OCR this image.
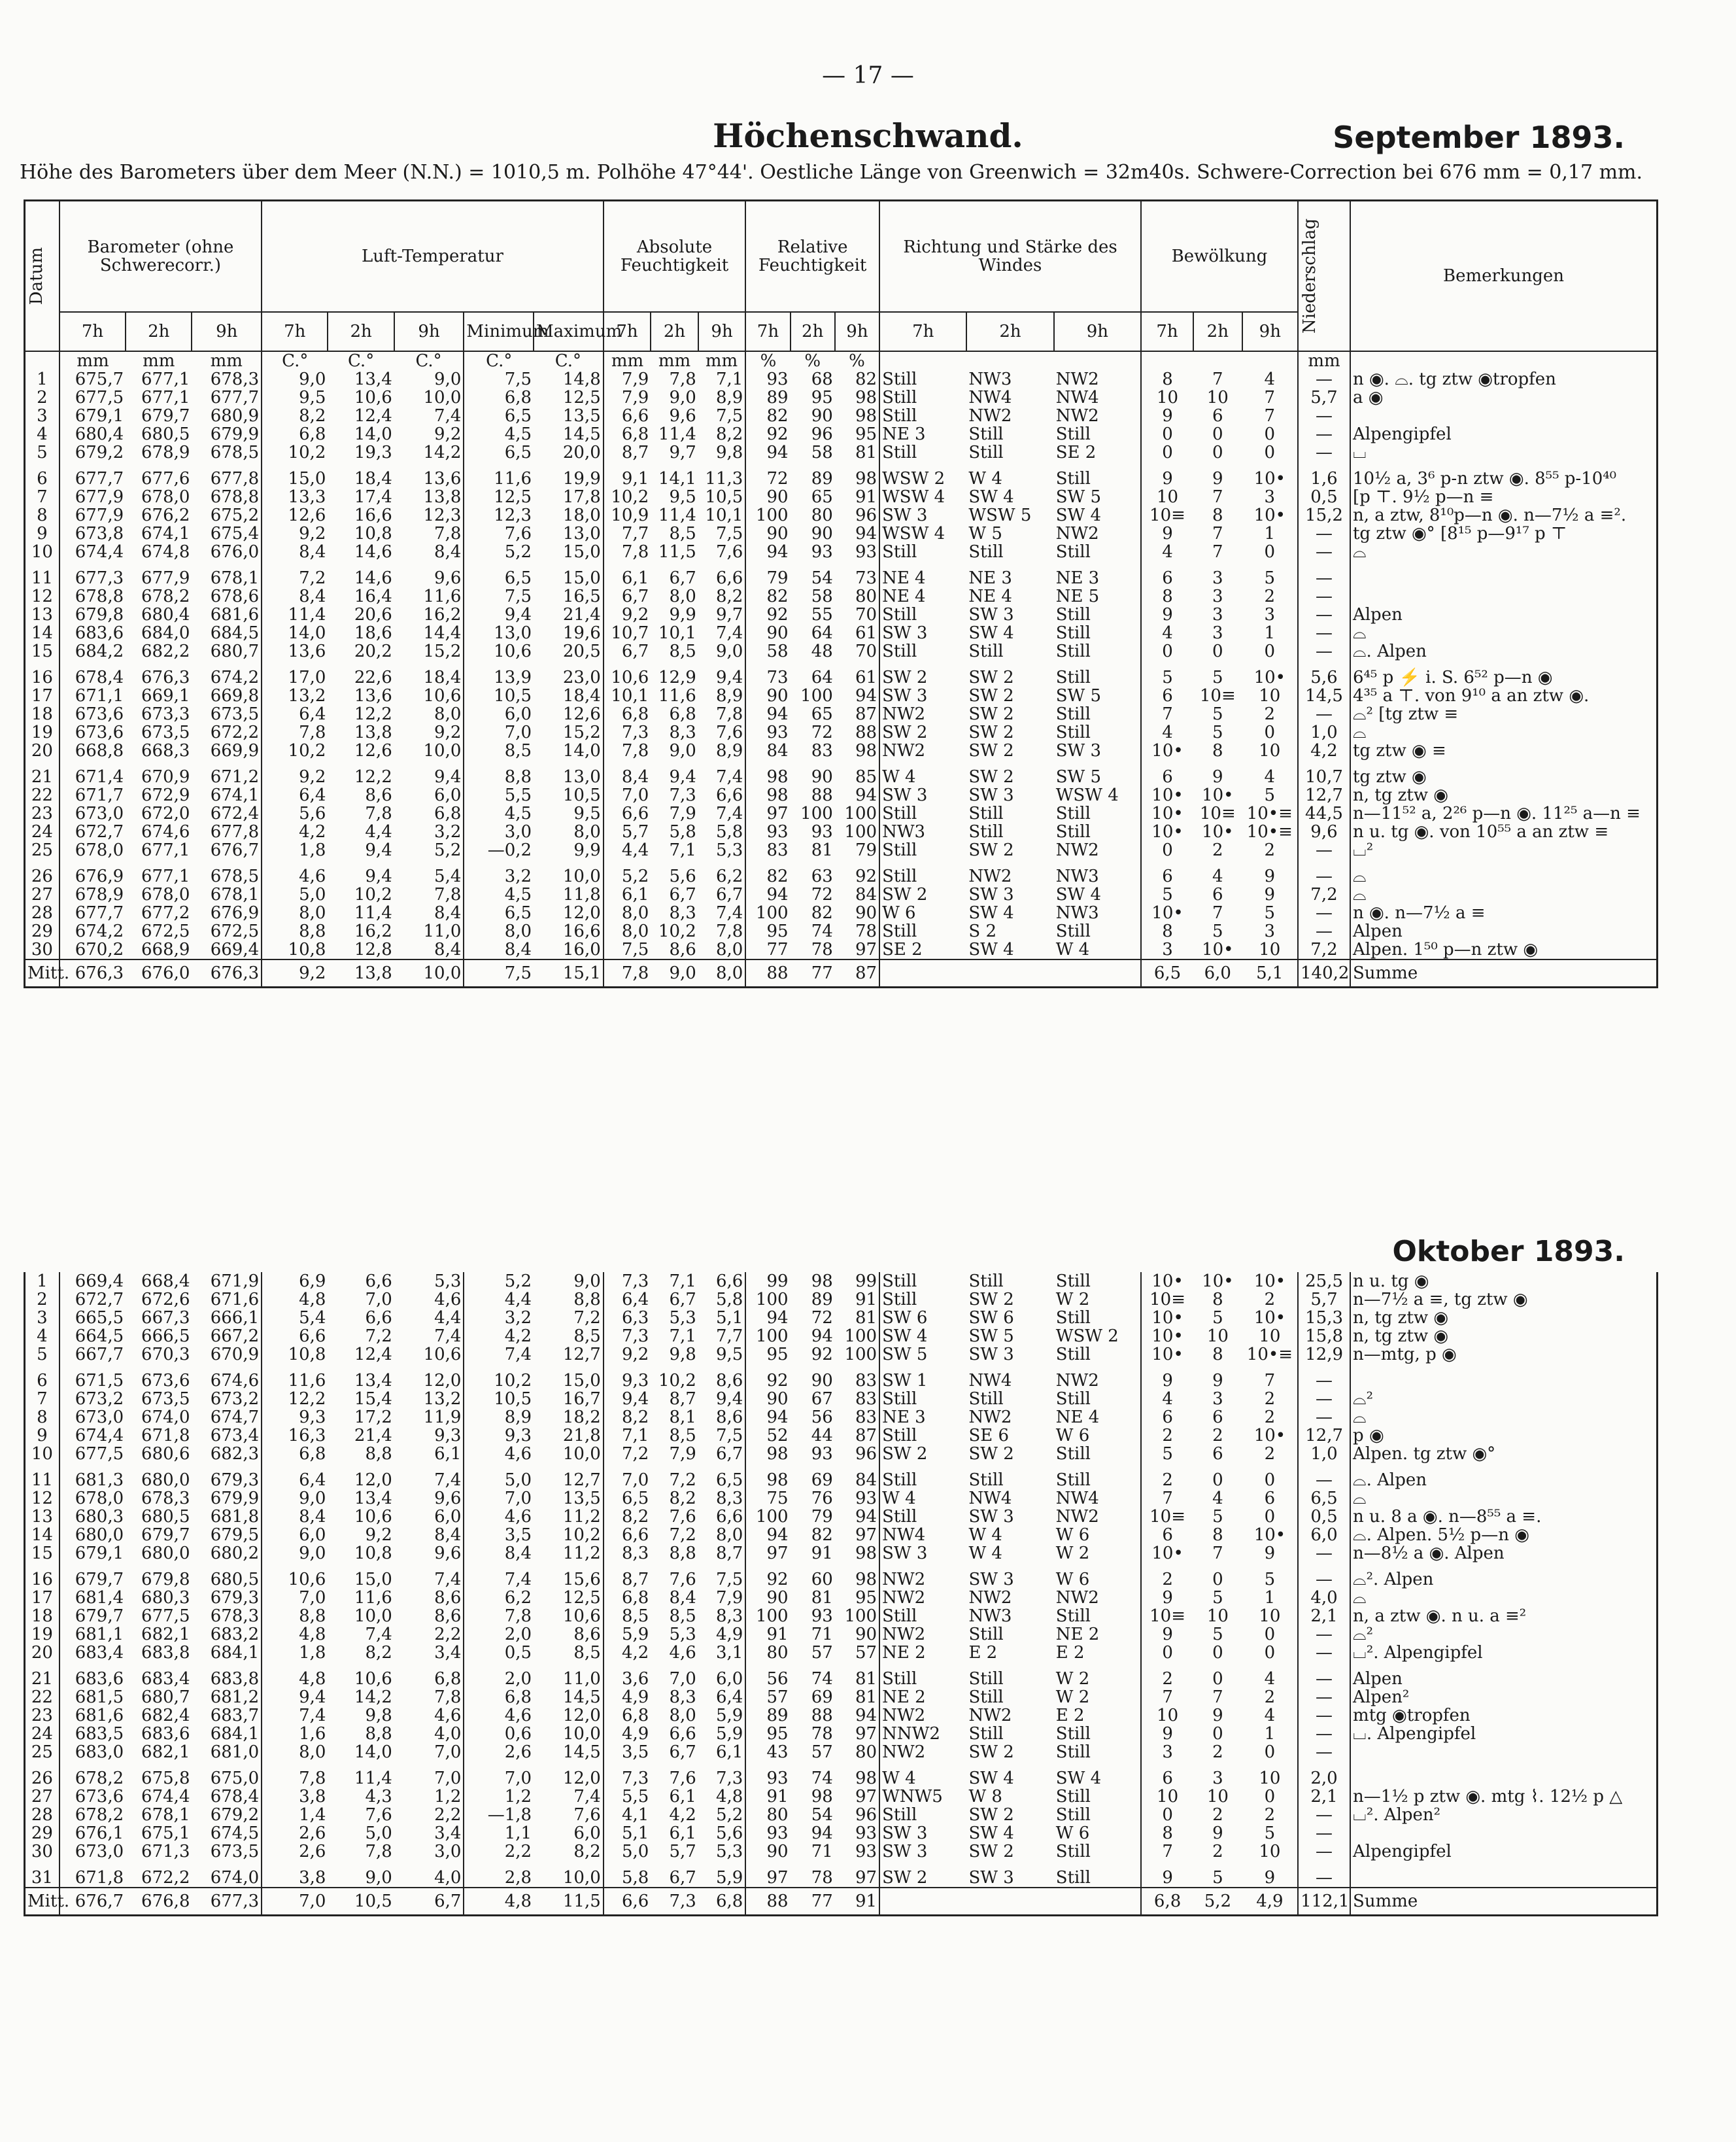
— 17 —
Höchenschwand.	September 1893.
Höhe des Barometers über dem Meer (N.N.) = 1010,5 m. Polhöhe 47°44'. Oestliche Länge von Greenwich = 32m40s. Schwere-Correction bei 676 mm = 0,17 mm.
Datum	Barometer (ohne Schwerecorr.)			Luft-Temperatur					Absolute Feuchtigkeit			Relative Feuchtigkeit			Richtung und Stärke des Windes			Bewölkung			Niederschlag	Bemerkungen
	7h	2h	9h	7h	2h	9h	Minimum	Maximum	7h	2h	9h	7h	2h	9h	7h	2h	9h	7h	2h	9h		
	mm	mm	mm	C.°	C.°	C.°	C.°	C.°	mm	mm	mm	%	%	%							mm	
1	675,7	677,1	678,3	9,0	13,4	9,0	7,5	14,8	7,9	7,8	7,1	93	68	82	Still	NW3	NW2	8	7	4	—	n ◉. ⌓. tg ztw ◉tropfen
2	677,5	677,1	677,7	9,5	10,6	10,0	6,8	12,5	7,9	9,0	8,9	89	95	98	Still	NW4	NW4	10	10	7	5,7	a ◉
3	679,1	679,7	680,9	8,2	12,4	7,4	6,5	13,5	6,6	9,6	7,5	82	90	98	Still	NW2	NW2	9	6	7	—	
4	680,4	680,5	679,9	6,8	14,0	9,2	4,5	14,5	6,8	11,4	8,2	92	96	95	NE 3	Still	Still	0	0	0	—	Alpengipfel
5	679,2	678,9	678,5	10,2	19,3	14,2	6,5	20,0	8,7	9,7	9,8	94	58	81	Still	Still	SE 2	0	0	0	—	⌴

6	677,7	677,6	677,8	15,0	18,4	13,6	11,6	19,9	9,1	14,1	11,3	72	89	98	WSW 2	W 4	Still	9	9	10•	1,6	10½ a, 3⁶ p-n ztw ◉. 8⁵⁵ p-10⁴⁰
7	677,9	678,0	678,8	13,3	17,4	13,8	12,5	17,8	10,2	9,5	10,5	90	65	91	WSW 4	SW 4	SW 5	10	7	3	0,5	[p ⊤. 9½ p—n ≡
8	677,9	676,2	675,2	12,6	16,6	12,3	12,3	18,0	10,9	11,4	10,1	100	80	96	SW 3	WSW 5	SW 4	10≡	8	10•	15,2	n, a ztw, 8¹⁰p—n ◉. n—7½ a ≡².
9	673,8	674,1	675,4	9,2	10,8	7,8	7,6	13,0	7,7	8,5	7,5	90	90	94	WSW 4	W 5	NW2	9	7	1	—	tg ztw ◉° [8¹⁵ p—9¹⁷ p ⊤
10	674,4	674,8	676,0	8,4	14,6	8,4	5,2	15,0	7,8	11,5	7,6	94	93	93	Still	Still	Still	4	7	0	—	⌓

11	677,3	677,9	678,1	7,2	14,6	9,6	6,5	15,0	6,1	6,7	6,6	79	54	73	NE 4	NE 3	NE 3	6	3	5	—	
12	678,8	678,2	678,6	8,4	16,4	11,6	7,5	16,5	6,7	8,0	8,2	82	58	80	NE 4	NE 4	NE 5	8	3	2	—	
13	679,8	680,4	681,6	11,4	20,6	16,2	9,4	21,4	9,2	9,9	9,7	92	55	70	Still	SW 3	Still	9	3	3	—	Alpen
14	683,6	684,0	684,5	14,0	18,6	14,4	13,0	19,6	10,7	10,1	7,4	90	64	61	SW 3	SW 4	Still	4	3	1	—	⌓
15	684,2	682,2	680,7	13,6	20,2	15,2	10,6	20,5	6,7	8,5	9,0	58	48	70	Still	Still	Still	0	0	0	—	⌓. Alpen

16	678,4	676,3	674,2	17,0	22,6	18,4	13,9	23,0	10,6	12,9	9,4	73	64	61	SW 2	SW 2	Still	5	5	10•	5,6	6⁴⁵ p ⚡ i. S. 6⁵² p—n ◉
17	671,1	669,1	669,8	13,2	13,6	10,6	10,5	18,4	10,1	11,6	8,9	90	100	94	SW 3	SW 2	SW 5	6	10≡	10	14,5	4³⁵ a ⊤. von 9¹⁰ a an ztw ◉.
18	673,6	673,3	673,5	6,4	12,2	8,0	6,0	12,6	6,8	6,8	7,8	94	65	87	NW2	SW 2	Still	7	5	2	—	⌓² [tg ztw ≡
19	673,6	673,5	672,2	7,8	13,8	9,2	7,0	15,2	7,3	8,3	7,6	93	72	88	SW 2	SW 2	Still	4	5	0	1,0	⌓
20	668,8	668,3	669,9	10,2	12,6	10,0	8,5	14,0	7,8	9,0	8,9	84	83	98	NW2	SW 2	SW 3	10•	8	10	4,2	tg ztw ◉ ≡

21	671,4	670,9	671,2	9,2	12,2	9,4	8,8	13,0	8,4	9,4	7,4	98	90	85	W 4	SW 2	SW 5	6	9	4	10,7	tg ztw ◉
22	671,7	672,9	674,1	6,4	8,6	6,0	5,5	10,5	7,0	7,3	6,6	98	88	94	SW 3	SW 3	WSW 4	10•	10•	5	12,7	n, tg ztw ◉
23	673,0	672,0	672,4	5,6	7,8	6,8	4,5	9,5	6,6	7,9	7,4	97	100	100	Still	Still	Still	10•	10≡	10•≡	44,5	n—11⁵² a, 2²⁶ p—n ◉. 11²⁵ a—n ≡
24	672,7	674,6	677,8	4,2	4,4	3,2	3,0	8,0	5,7	5,8	5,8	93	93	100	NW3	Still	Still	10•	10•	10•≡	9,6	n u. tg ◉. von 10⁵⁵ a an ztw ≡
25	678,0	677,1	676,7	1,8	9,4	5,2	—0,2	9,9	4,4	7,1	5,3	83	81	79	Still	SW 2	NW2	0	2	2	—	⌴²

26	676,9	677,1	678,5	4,6	9,4	5,4	3,2	10,0	5,2	5,6	6,2	82	63	92	Still	NW2	NW3	6	4	9	—	⌓
27	678,9	678,0	678,1	5,0	10,2	7,8	4,5	11,8	6,1	6,7	6,7	94	72	84	SW 2	SW 3	SW 4	5	6	9	7,2	⌓
28	677,7	677,2	676,9	8,0	11,4	8,4	6,5	12,0	8,0	8,3	7,4	100	82	90	W 6	SW 4	NW3	10•	7	5	—	n ◉. n—7½ a ≡
29	674,2	672,5	672,5	8,8	16,2	11,0	8,0	16,6	8,0	10,2	7,8	95	74	78	Still	S 2	Still	8	5	3	—	Alpen
30	670,2	668,9	669,4	10,8	12,8	8,4	8,4	16,0	7,5	8,6	8,0	77	78	97	SE 2	SW 4	W 4	3	10•	10	7,2	Alpen. 1⁵⁰ p—n ztw ◉
Mitt.	676,3	676,0	676,3	9,2	13,8	10,0	7,5	15,1	7,8	9,0	8,0	88	77	87				6,5	6,0	5,1	140,2	Summe
Oktober 1893.
1	669,4	668,4	671,9	6,9	6,6	5,3	5,2	9,0	7,3	7,1	6,6	99	98	99	Still	Still	Still	10•	10•	10•	25,5	n u. tg ◉
2	672,7	672,6	671,6	4,8	7,0	4,6	4,4	8,8	6,4	6,7	5,8	100	89	91	Still	SW 2	W 2	10≡	8	2	5,7	n—7½ a ≡, tg ztw ◉
3	665,5	667,3	666,1	5,4	6,6	4,4	3,2	7,2	6,3	5,3	5,1	94	72	81	SW 6	SW 6	Still	10•	5	10•	15,3	n, tg ztw ◉
4	664,5	666,5	667,2	6,6	7,2	7,4	4,2	8,5	7,3	7,1	7,7	100	94	100	SW 4	SW 5	WSW 2	10•	10	10	15,8	n, tg ztw ◉
5	667,7	670,3	670,9	10,8	12,4	10,6	7,4	12,7	9,2	9,8	9,5	95	92	100	SW 5	SW 3	Still	10•	8	10•≡	12,9	n—mtg, p ◉

6	671,5	673,6	674,6	11,6	13,4	12,0	10,2	15,0	9,3	10,2	8,6	92	90	83	SW 1	NW4	NW2	9	9	7	—	
7	673,2	673,5	673,2	12,2	15,4	13,2	10,5	16,7	9,4	8,7	9,4	90	67	83	Still	Still	Still	4	3	2	—	⌓²
8	673,0	674,0	674,7	9,3	17,2	11,9	8,9	18,2	8,2	8,1	8,6	94	56	83	NE 3	NW2	NE 4	6	6	2	—	⌓
9	674,4	671,8	673,4	16,3	21,4	9,3	9,3	21,8	7,1	8,5	7,5	52	44	87	Still	SE 6	W 6	2	2	10•	12,7	p ◉
10	677,5	680,6	682,3	6,8	8,8	6,1	4,6	10,0	7,2	7,9	6,7	98	93	96	SW 2	SW 2	Still	5	6	2	1,0	Alpen. tg ztw ◉°

11	681,3	680,0	679,3	6,4	12,0	7,4	5,0	12,7	7,0	7,2	6,5	98	69	84	Still	Still	Still	2	0	0	—	⌓. Alpen
12	678,0	678,3	679,9	9,0	13,4	9,6	7,0	13,5	6,5	8,2	8,3	75	76	93	W 4	NW4	NW4	7	4	6	6,5	⌓
13	680,3	680,5	681,8	8,4	10,6	6,0	4,6	11,2	8,2	7,6	6,6	100	79	94	Still	SW 3	NW2	10≡	5	0	0,5	n u. 8 a ◉. n—8⁵⁵ a ≡.
14	680,0	679,7	679,5	6,0	9,2	8,4	3,5	10,2	6,6	7,2	8,0	94	82	97	NW4	W 4	W 6	6	8	10•	6,0	⌓. Alpen. 5½ p—n ◉
15	679,1	680,0	680,2	9,0	10,8	9,6	8,4	11,2	8,3	8,8	8,7	97	91	98	SW 3	W 4	W 2	10•	7	9	—	n—8½ a ◉. Alpen

16	679,7	679,8	680,5	10,6	15,0	7,4	7,4	15,6	8,7	7,6	7,5	92	60	98	NW2	SW 3	W 6	2	0	5	—	⌓². Alpen
17	681,4	680,3	679,3	7,0	11,6	8,6	6,2	12,5	6,8	8,4	7,9	90	81	95	NW2	NW2	NW2	9	5	1	4,0	⌓
18	679,7	677,5	678,3	8,8	10,0	8,6	7,8	10,6	8,5	8,5	8,3	100	93	100	Still	NW3	Still	10≡	10	10	2,1	n, a ztw ◉. n u. a ≡²
19	681,1	682,1	683,2	4,8	7,4	2,2	2,0	8,6	5,9	5,3	4,9	91	71	90	NW2	Still	NE 2	9	5	0	—	⌓²
20	683,4	683,8	684,1	1,8	8,2	3,4	0,5	8,5	4,2	4,6	3,1	80	57	57	NE 2	E 2	E 2	0	0	0	—	⌴². Alpengipfel

21	683,6	683,4	683,8	4,8	10,6	6,8	2,0	11,0	3,6	7,0	6,0	56	74	81	Still	Still	W 2	2	0	4	—	Alpen
22	681,5	680,7	681,2	9,4	14,2	7,8	6,8	14,5	4,9	8,3	6,4	57	69	81	NE 2	Still	W 2	7	7	2	—	Alpen²
23	681,6	682,4	683,7	7,4	9,8	4,6	4,6	12,0	6,8	8,0	5,9	89	88	94	NW2	NW2	E 2	10	9	4	—	mtg ◉tropfen
24	683,5	683,6	684,1	1,6	8,8	4,0	0,6	10,0	4,9	6,6	5,9	95	78	97	NNW2	Still	Still	9	0	1	—	⌴. Alpengipfel
25	683,0	682,1	681,0	8,0	14,0	7,0	2,6	14,5	3,5	6,7	6,1	43	57	80	NW2	SW 2	Still	3	2	0	—	

26	678,2	675,8	675,0	7,8	11,4	7,0	7,0	12,0	7,3	7,6	7,3	93	74	98	W 4	SW 4	SW 4	6	3	10	2,0	
27	673,6	674,4	678,4	3,8	4,3	1,2	1,2	7,4	5,5	6,1	4,8	91	98	97	WNW5	W 8	Still	10	10	0	2,1	n—1½ p ztw ◉. mtg ⌇. 12½ p △
28	678,2	678,1	679,2	1,4	7,6	2,2	—1,8	7,6	4,1	4,2	5,2	80	54	96	Still	SW 2	Still	0	2	2	—	⌴². Alpen²
29	676,1	675,1	674,5	2,6	5,0	3,4	1,1	6,0	5,1	6,1	5,6	93	94	93	SW 3	SW 4	W 6	8	9	5	—	
30	673,0	671,3	673,5	2,6	7,8	3,0	2,2	8,2	5,0	5,7	5,3	90	71	93	SW 3	SW 2	Still	7	2	10	—	Alpengipfel

31	671,8	672,2	674,0	3,8	9,0	4,0	2,8	10,0	5,8	6,7	5,9	97	78	97	SW 2	SW 3	Still	9	5	9	—	
Mitt.	676,7	676,8	677,3	7,0	10,5	6,7	4,8	11,5	6,6	7,3	6,8	88	77	91				6,8	5,2	4,9	112,1	Summe
